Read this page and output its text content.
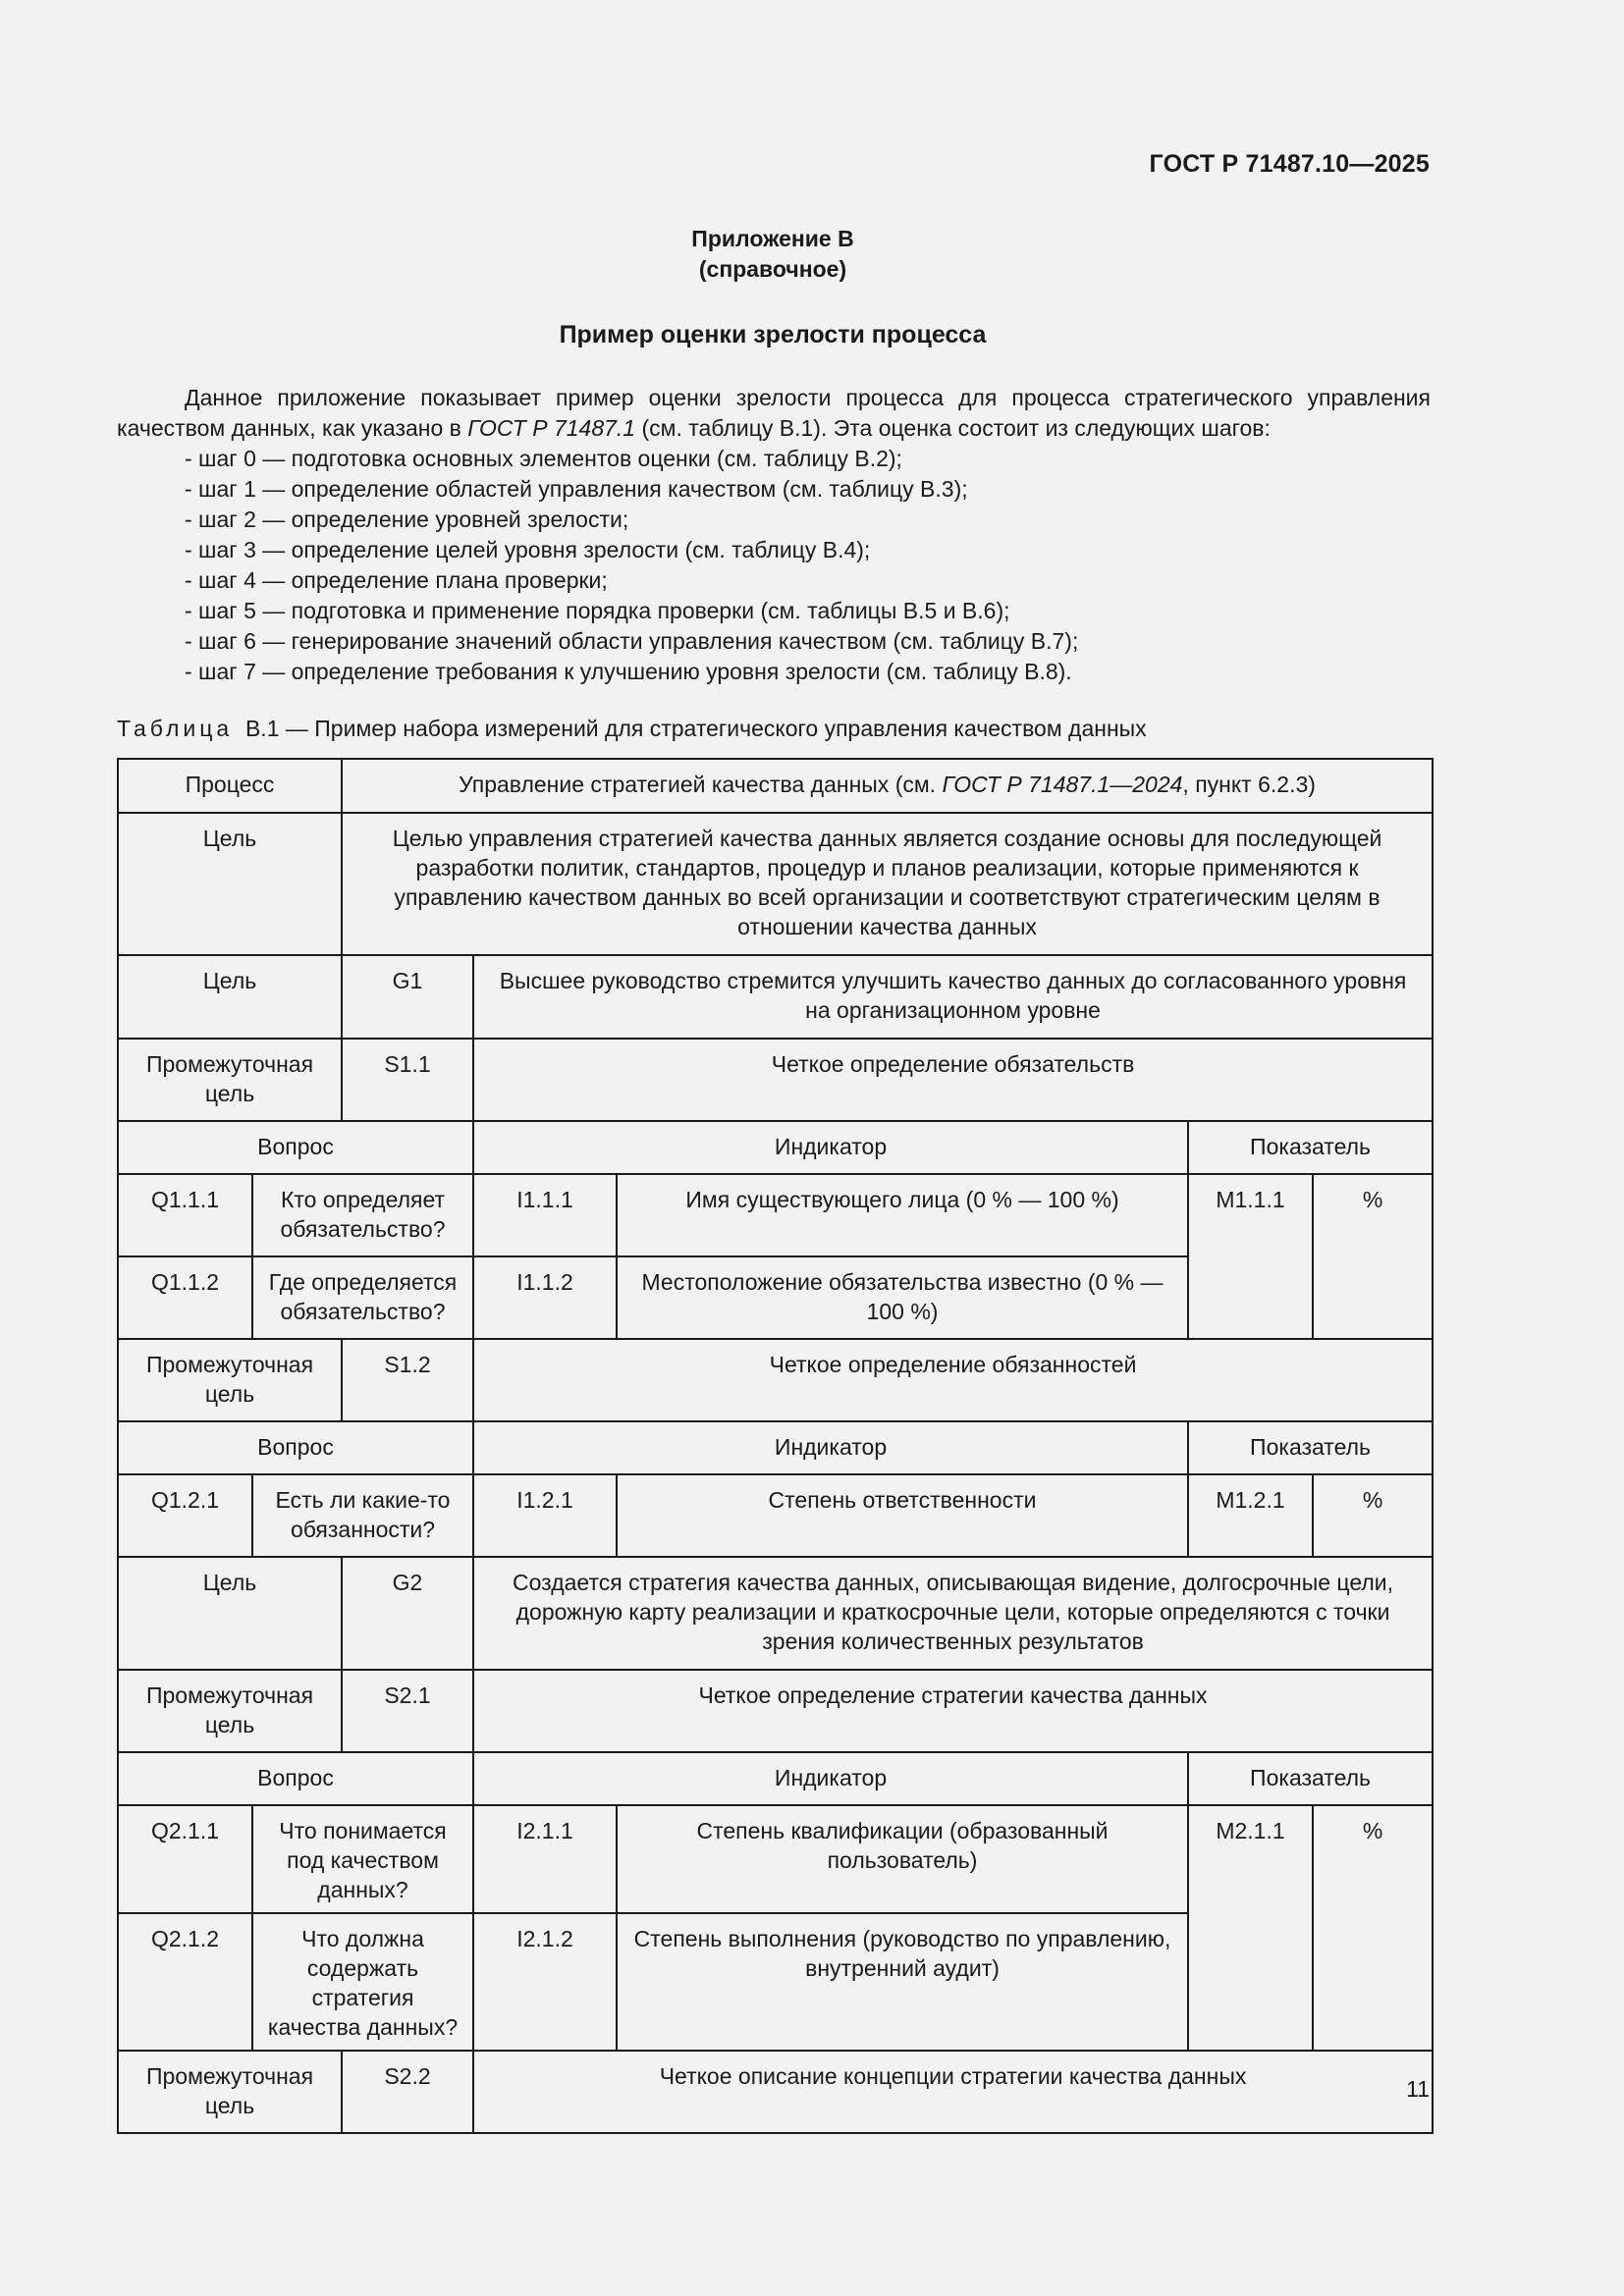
ГОСТ Р 71487.10—2025
Приложение В
(справочное)
Пример оценки зрелости процесса

Данное приложение показывает пример оценки зрелости процесса для процесса стратегического управления качеством данных, как указано в ГОСТ Р 71487.1 (см. таблицу В.1). Эта оценка состоит из следующих шагов:

- шаг 0 — подготовка основных элементов оценки (см. таблицу В.2);
- шаг 1 — определение областей управления качеством (см. таблицу В.3);
- шаг 2 — определение уровней зрелости;
- шаг 3 — определение целей уровня зрелости (см. таблицу В.4);
- шаг 4 — определение плана проверки;
- шаг 5 — подготовка и применение порядка проверки (см. таблицы В.5 и В.6);
- шаг 6 — генерирование значений области управления качеством (см. таблицу В.7);
- шаг 7 — определение требования к улучшению уровня зрелости (см. таблицу В.8).
Таблица В.1 — Пример набора измерений для стратегического управления качеством данных
Процесс		Управление стратегией качества данных (см. ГОСТ Р 71487.1—2024, пункт 6.2.3)				
Цель		Целью управления стратегией качества данных является создание основы для последующей разработки политик, стандартов, процедур и планов реализации, которые применяются к управлению качеством данных во всей организации и соответствуют стратегическим целям в отношении качества данных				
Цель		G1	Высшее руководство стремится улучшить качество данных до согласованного уровня на организационном уровне			
Промежуточная цель		S1.1	Четкое определение обязательств			
Вопрос			Индикатор		Показатель	
Q1.1.1	Кто определяет обязательство?		I1.1.1	Имя существующего лица (0 % — 100 %)	M1.1.1	%
Q1.1.2	Где определяется обязательство?		I1.1.2	Местоположение обязательства известно (0 % — 100 %)		
Промежуточная цель		S1.2	Четкое определение обязанностей			
Вопрос			Индикатор		Показатель	
Q1.2.1	Есть ли какие-то обязанности?		I1.2.1	Степень ответственности	M1.2.1	%
Цель		G2	Создается стратегия качества данных, описывающая видение, долгосрочные цели, дорожную карту реализации и краткосрочные цели, которые определяются с точки зрения количественных результатов			
Промежуточная цель		S2.1	Четкое определение стратегии качества данных			
Вопрос			Индикатор		Показатель	
Q2.1.1	Что понимается под качеством данных?		I2.1.1	Степень квалификации (образованный пользователь)	M2.1.1	%
Q2.1.2	Что должна содержать стратегия качества данных?		I2.1.2	Степень выполнения (руководство по управлению, внутренний аудит)		
Промежуточная цель		S2.2	Четкое описание концепции стратегии качества данных				11
